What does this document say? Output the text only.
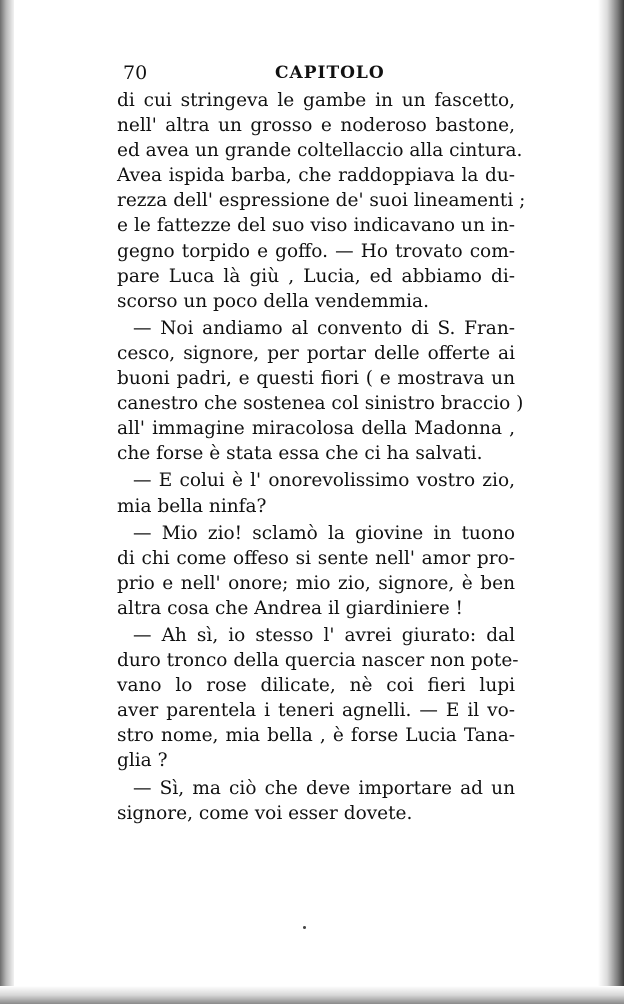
70	CAPITOLO
di cui stringeva le gambe in un fascetto,
nell' altra un grosso e noderoso bastone,
ed avea un grande coltellaccio alla cintura.
Avea ispida barba, che raddoppiava la du-
rezza dell' espressione de' suoi lineamenti ;
e le fattezze del suo viso indicavano un in-
gegno torpido e goffo. — Ho trovato com-
pare Luca là giù , Lucia, ed abbiamo di-
scorso un poco della vendemmia.
— Noi andiamo al convento di S. Fran-
cesco, signore, per portar delle offerte ai
buoni padri, e questi fiori ( e mostrava un
canestro che sostenea col sinistro braccio )
all' immagine miracolosa della Madonna ,
che forse è stata essa che ci ha salvati.
— E colui è l' onorevolissimo vostro zio,
mia bella ninfa?
— Mio zio! sclamò la giovine in tuono
di chi come offeso si sente nell' amor pro-
prio e nell' onore; mio zio, signore, è ben
altra cosa che Andrea il giardiniere !
— Ah sì, io stesso l' avrei giurato: dal
duro tronco della quercia nascer non pote-
vano lo rose dilicate, nè coi fieri lupi
aver parentela i teneri agnelli. — E il vo-
stro nome, mia bella , è forse Lucia Tana-
glia ?
— Sì, ma ciò che deve importare ad un
signore, come voi esser dovete.
